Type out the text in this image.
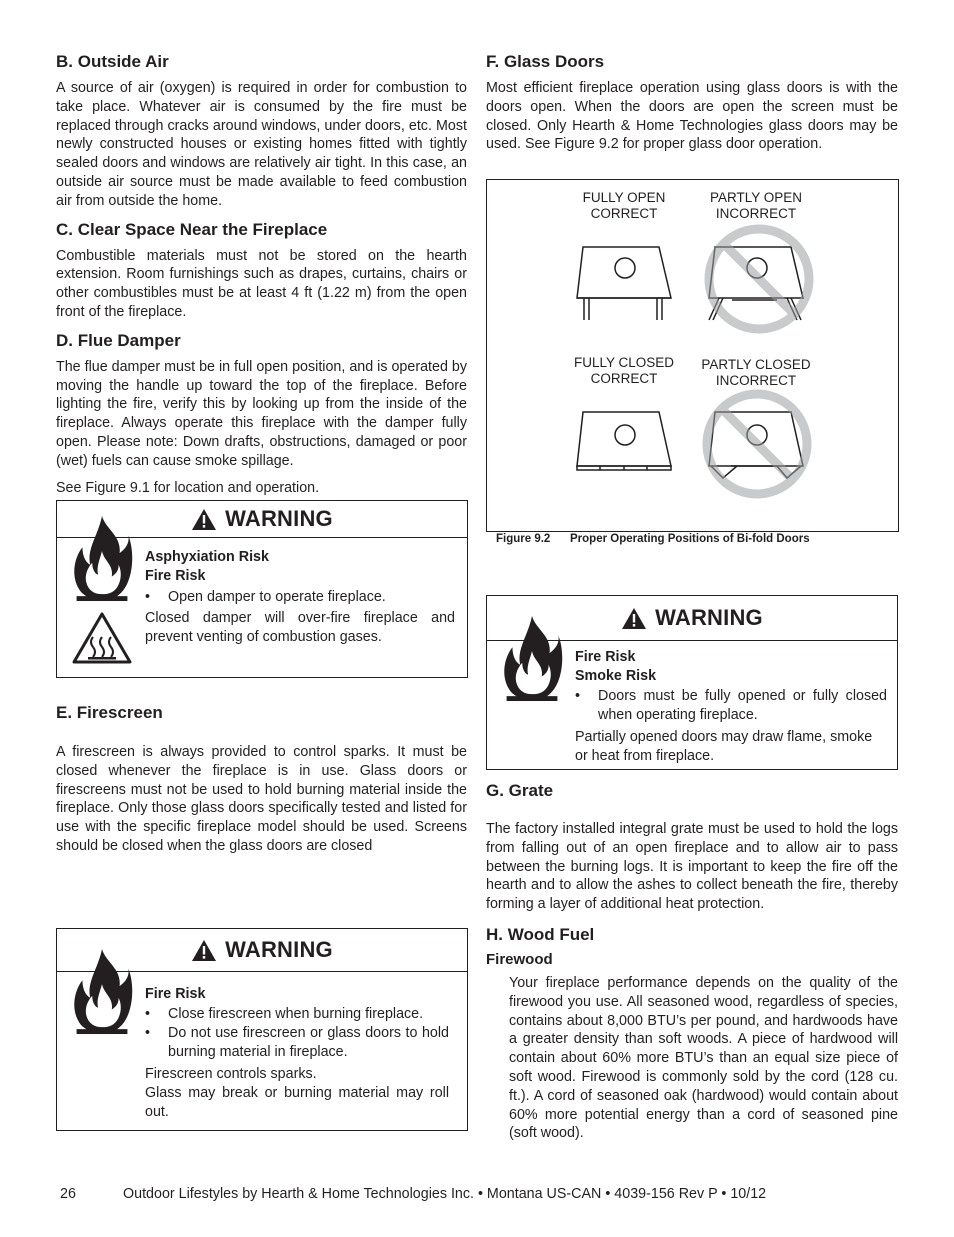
B. Outside Air

A source of air (oxygen) is required in order for combustion to take place. Whatever air is consumed by the fire must be replaced through cracks around windows, under doors, etc. Most newly constructed houses or existing homes fitted with tightly sealed doors and windows are relatively air tight. In this case, an outside air source must be made available to feed combustion air from outside the home.

C. Clear Space Near the Fireplace

Combustible materials must not be stored on the hearth extension. Room furnishings such as drapes, curtains, chairs or other combustibles must be at least 4 ft (1.22 m) from the open front of the fireplace.

D. Flue Damper

The flue damper must be in full open position, and is operated by moving the handle up toward the top of the fireplace. Before lighting the fire, verify this by looking up from the inside of the fireplace. Always operate this fireplace with the damper fully open. Please note: Down drafts, obstructions, damaged or poor (wet) fuels can cause smoke spillage.

See Figure 9.1 for location and operation.

WARNING
Asphyxiation Risk
Fire Risk
•	Open damper to operate fireplace.

Closed damper will over-fire fireplace and prevent venting of combustion gases.

E. Firescreen

A firescreen is always provided to control sparks. It must be closed whenever the fireplace is in use. Glass doors or firescreens must not be used to hold burning material inside the fireplace. Only those glass doors specifically tested and listed for use with the specific fireplace model should be used. Screens should be closed when the glass doors are closed

WARNING
Fire Risk
•	Close firescreen when burning fireplace.
•	Do not use firescreen or glass doors to hold burning material in fireplace.

Firescreen controls sparks.

Glass may break or burning material may roll out.

F. Glass Doors

Most efficient fireplace operation using glass doors is with the doors open. When the doors are open the screen must be closed. Only Hearth & Home Technologies glass doors may be used. See Figure 9.2 for proper glass door operation.

FULLY OPEN
CORRECT
PARTLY OPEN
INCORRECT
FULLY CLOSED
CORRECT
PARTLY CLOSED
INCORRECT
Figure 9.2 Proper Operating Positions of Bi-fold Doors
WARNING
Fire Risk
Smoke Risk
•	Doors must be fully opened or fully closed when operating fireplace.

Partially opened doors may draw flame, smoke or heat from fireplace.

G. Grate

The factory installed integral grate must be used to hold the logs from falling out of an open fireplace and to allow air to pass between the burning logs. It is important to keep the fire off the hearth and to allow the ashes to collect beneath the fire, thereby forming a layer of additional heat protection.

H. Wood Fuel
Firewood

Your fireplace performance depends on the quality of the firewood you use. All seasoned wood, regardless of species, contains about 8,000 BTU’s per pound, and hardwoods have a greater density than soft woods. A piece of hardwood will contain about 60% more BTU’s than an equal size piece of soft wood. Firewood is commonly sold by the cord (128 cu. ft.). A cord of seasoned oak (hardwood) would contain about 60% more potential energy than a cord of seasoned pine (soft wood).

26	Outdoor Lifestyles by Hearth & Home Technologies Inc. • Montana US-CAN • 4039-156 Rev P • 10/12
